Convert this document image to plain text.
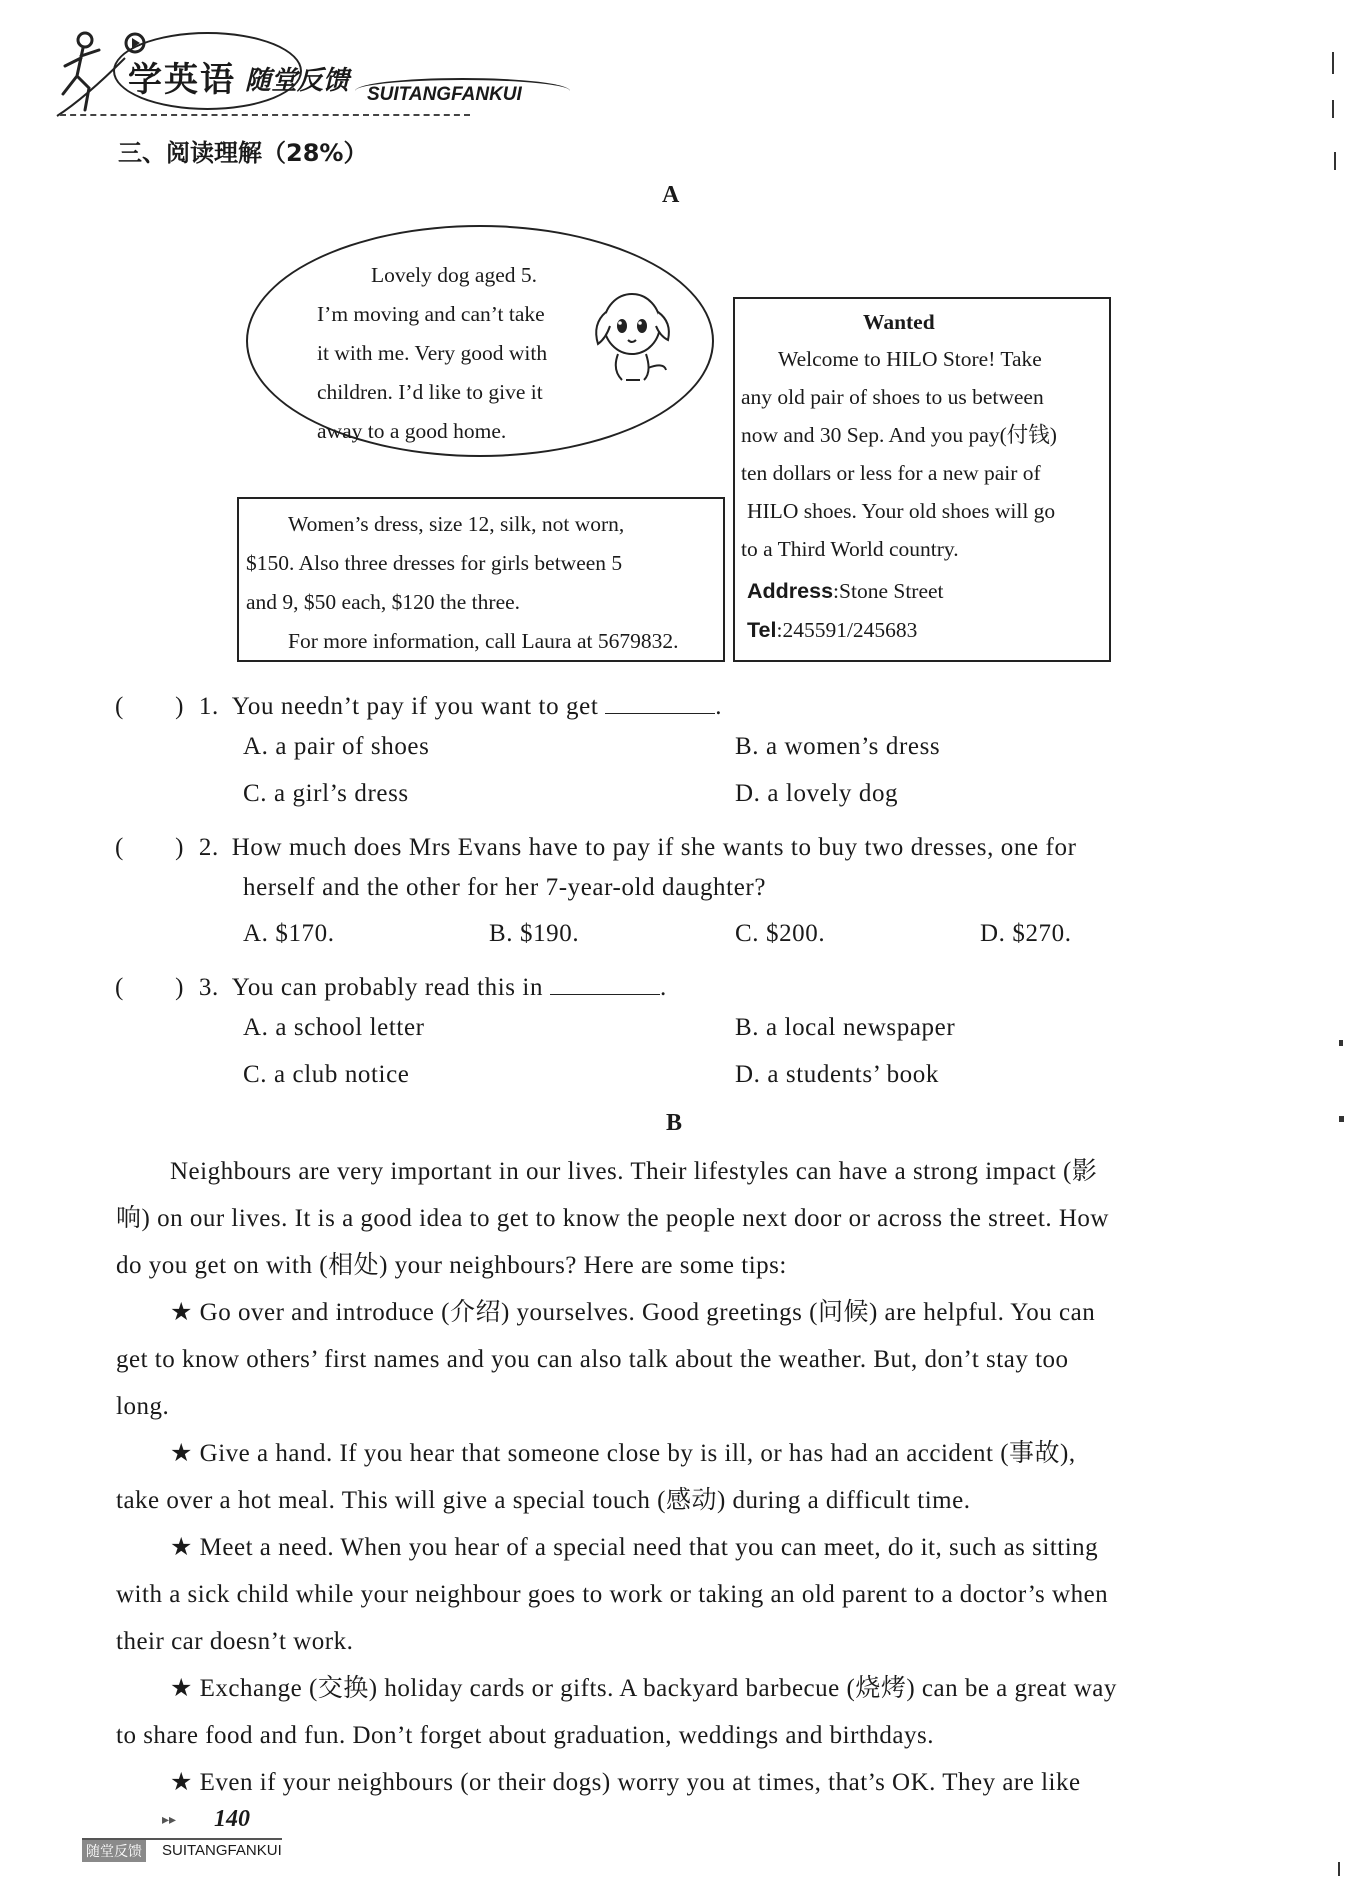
学英语 随堂反馈 SUITANGFANKUI
三、阅读理解（28%）
A
Lovely dog aged 5.
I’m moving and can’t take
it with me. Very good with
children. I’d like to give it
away to a good home.
Women’s dress, size 12, silk, not worn,
$150. Also three dresses for girls between 5
and 9, $50 each, $120 the three.
For more information, call Laura at 5679832.
Wanted
Welcome to HILO Store! Take
any old pair of shoes to us between
now and 30 Sep. And you pay(付钱)
ten dollars or less for a new pair of
HILO shoes. Your old shoes will go
to a Third World country.
Address:Stone Street
Tel:245591/245683
(　　) 1. You needn’t pay if you want to get	.
A. a pair of shoes	B. a women’s dress
C. a girl’s dress	D. a lovely dog
(　　) 2. How much does Mrs Evans have to pay if she wants to buy two dresses, one for
herself and the other for her 7-year-old daughter?
A. $170.	B. $190.	C. $200.	D. $270.
(　　) 3. You can probably read this in	.
A. a school letter	B. a local newspaper
C. a club notice	D. a students’ book
B
Neighbours are very important in our lives. Their lifestyles can have a strong impact (影
响) on our lives. It is a good idea to get to know the people next door or across the street. How
do you get on with (相处) your neighbours? Here are some tips:
★ Go over and introduce (介绍) yourselves. Good greetings (问候) are helpful. You can
get to know others’ first names and you can also talk about the weather. But, don’t stay too
long.
★ Give a hand. If you hear that someone close by is ill, or has had an accident (事故),
take over a hot meal. This will give a special touch (感动) during a difficult time.
★ Meet a need. When you hear of a special need that you can meet, do it, such as sitting
with a sick child while your neighbour goes to work or taking an old parent to a doctor’s when
their car doesn’t work.
★ Exchange (交换) holiday cards or gifts. A backyard barbecue (烧烤) can be a great way
to share food and fun. Don’t forget about graduation, weddings and birthdays.
★ Even if your neighbours (or their dogs) worry you at times, that’s OK. They are like
▸▸ 140
随堂反馈 SUITANGFANKUI
